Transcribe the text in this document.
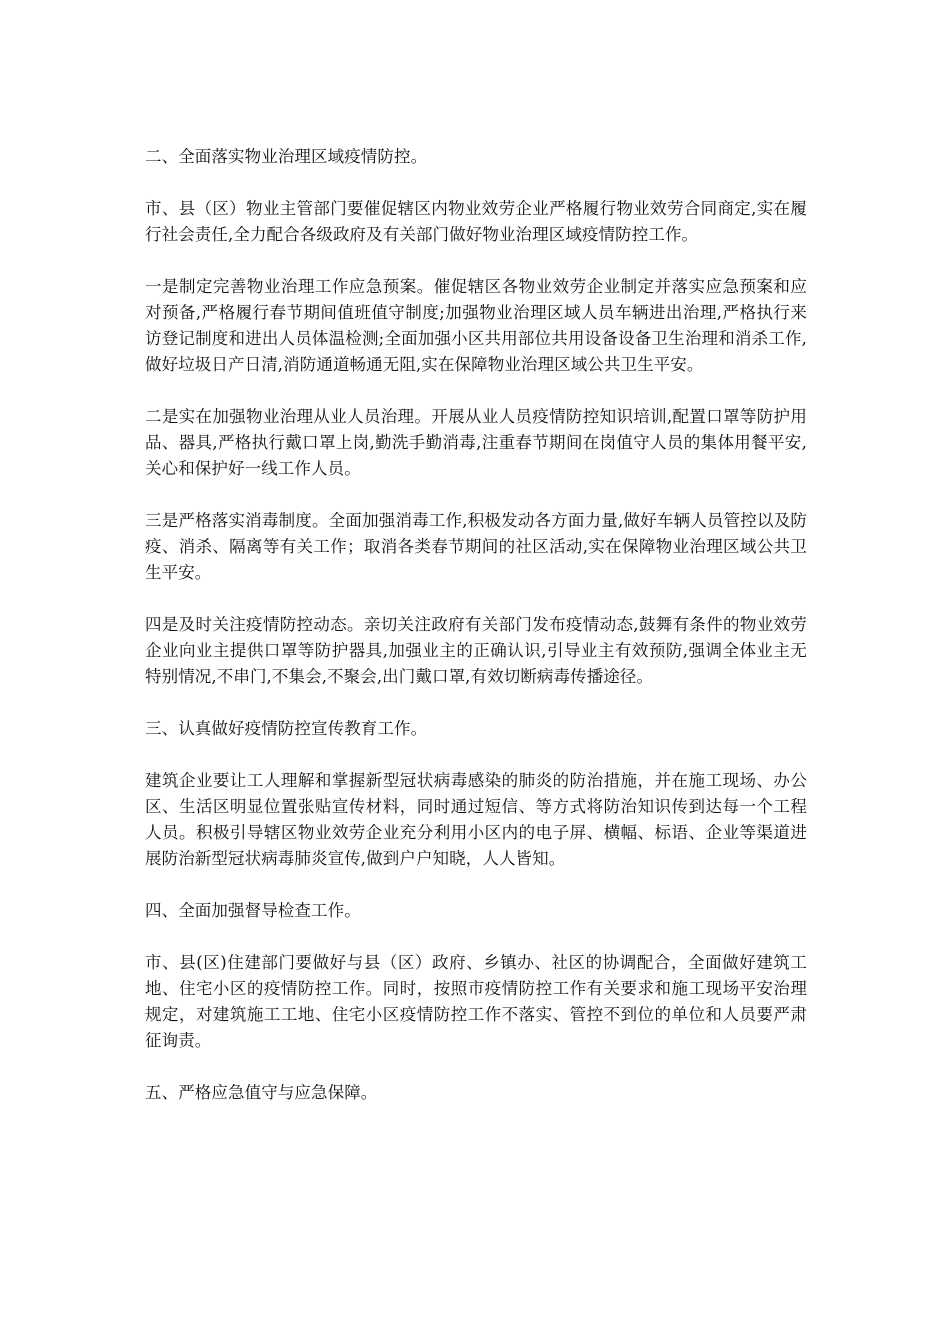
二、全面落实物业治理区域疫情防控。

市、县（区）物业主管部门要催促辖区内物业效劳企业严格履行物业效劳合同商定,实在履行社会责任,全力配合各级政府及有关部门做好物业治理区域疫情防控工作。

一是制定完善物业治理工作应急预案。催促辖区各物业效劳企业制定并落实应急预案和应对预备,严格履行春节期间值班值守制度;加强物业治理区域人员车辆进出治理,严格执行来访登记制度和进出人员体温检测;全面加强小区共用部位共用设备设备卫生治理和消杀工作,做好垃圾日产日清,消防通道畅通无阻,实在保障物业治理区域公共卫生平安。

二是实在加强物业治理从业人员治理。开展从业人员疫情防控知识培训,配置口罩等防护用品、器具,严格执行戴口罩上岗,勤洗手勤消毒,注重春节期间在岗值守人员的集体用餐平安,关心和保护好一线工作人员。

三是严格落实消毒制度。全面加强消毒工作,积极发动各方面力量,做好车辆人员管控以及防疫、消杀、隔离等有关工作；取消各类春节期间的社区活动,实在保障物业治理区域公共卫生平安。

四是及时关注疫情防控动态。亲切关注政府有关部门发布疫情动态,鼓舞有条件的物业效劳企业向业主提供口罩等防护器具,加强业主的正确认识,引导业主有效预防,强调全体业主无特别情况,不串门,不集会,不聚会,出门戴口罩,有效切断病毒传播途径。

三、认真做好疫情防控宣传教育工作。

建筑企业要让工人理解和掌握新型冠状病毒感染的肺炎的防治措施，并在施工现场、办公区、生活区明显位置张贴宣传材料，同时通过短信、等方式将防治知识传到达每一个工程人员。积极引导辖区物业效劳企业充分利用小区内的电子屏、横幅、标语、企业等渠道进展防治新型冠状病毒肺炎宣传,做到户户知晓，人人皆知。

四、全面加强督导检查工作。

市、县(区)住建部门要做好与县（区）政府、乡镇办、社区的协调配合，全面做好建筑工地、住宅小区的疫情防控工作。同时，按照市疫情防控工作有关要求和施工现场平安治理规定，对建筑施工工地、住宅小区疫情防控工作不落实、管控不到位的单位和人员要严肃征询责。

五、严格应急值守与应急保障。
